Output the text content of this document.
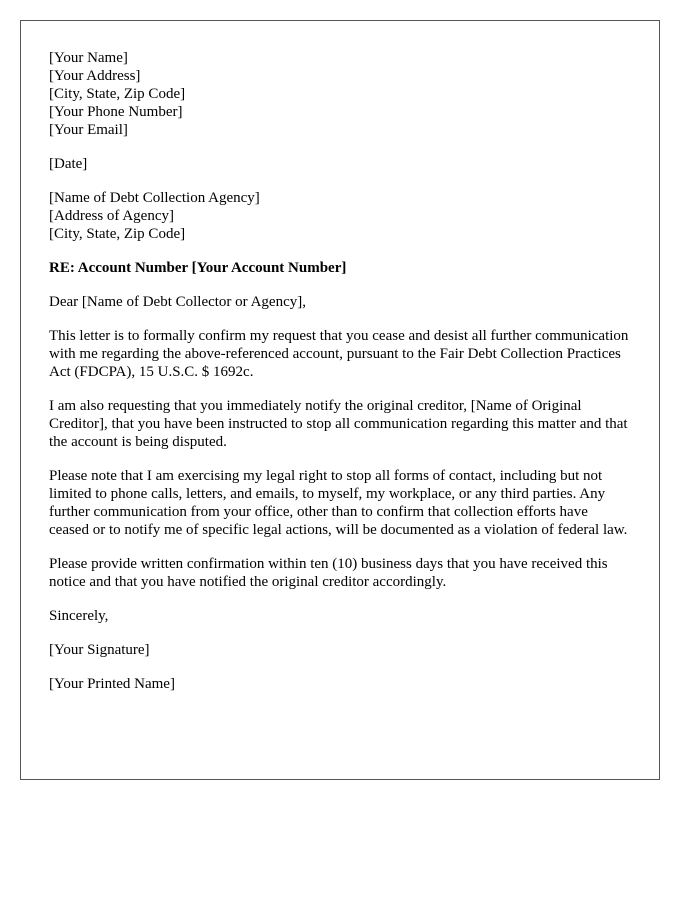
[Your Name]
[Your Address]
[City, State, Zip Code]
[Your Phone Number]
[Your Email]

[Date]

[Name of Debt Collection Agency]
[Address of Agency]
[City, State, Zip Code]

RE: Account Number [Your Account Number]

Dear [Name of Debt Collector or Agency],

This letter is to formally confirm my request that you cease and desist all further communication with me regarding the above-referenced account, pursuant to the Fair Debt Collection Practices Act (FDCPA), 15 U.S.C. $ 1692c.

I am also requesting that you immediately notify the original creditor, [Name of Original Creditor], that you have been instructed to stop all communication regarding this matter and that the account is being disputed.

Please note that I am exercising my legal right to stop all forms of contact, including but not limited to phone calls, letters, and emails, to myself, my workplace, or any third parties. Any further communication from your office, other than to confirm that collection efforts have ceased or to notify me of specific legal actions, will be documented as a violation of federal law.

Please provide written confirmation within ten (10) business days that you have received this notice and that you have notified the original creditor accordingly.

Sincerely,

[Your Signature]

[Your Printed Name]
